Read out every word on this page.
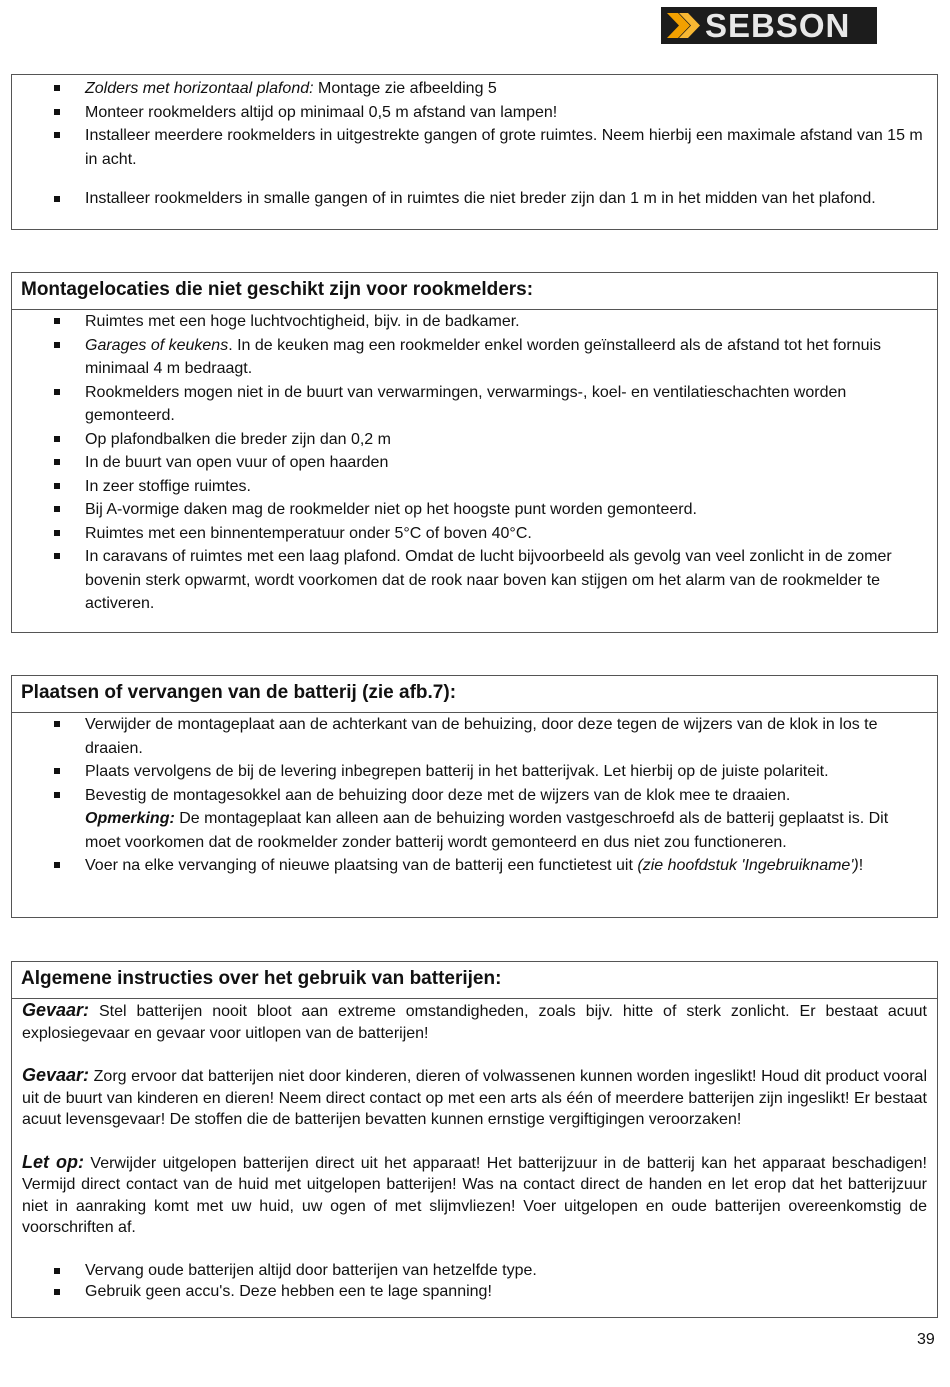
SEBSON
Zolders met horizontaal plafond: Montage zie afbeelding 5
Monteer rookmelders altijd op minimaal 0,5 m afstand van lampen!
Installeer meerdere rookmelders in uitgestrekte gangen of grote ruimtes. Neem hierbij een maximale afstand van 15 m in acht.
Installeer rookmelders in smalle gangen of in ruimtes die niet breder zijn dan 1 m in het midden van het plafond.
Montagelocaties die niet geschikt zijn voor rookmelders:
Ruimtes met een hoge luchtvochtigheid, bijv. in de badkamer.
Garages of keukens. In de keuken mag een rookmelder enkel worden geïnstalleerd als de afstand tot het fornuis minimaal 4 m bedraagt.
Rookmelders mogen niet in de buurt van verwarmingen, verwarmings-, koel- en ventilatieschachten worden gemonteerd.
Op plafondbalken die breder zijn dan 0,2 m
In de buurt van open vuur of open haarden
In zeer stoffige ruimtes.
Bij A-vormige daken mag de rookmelder niet op het hoogste punt worden gemonteerd.
Ruimtes met een binnentemperatuur onder 5°C of boven 40°C.
In caravans of ruimtes met een laag plafond. Omdat de lucht bijvoorbeeld als gevolg van veel zonlicht in de zomer bovenin sterk opwarmt, wordt voorkomen dat de rook naar boven kan stijgen om het alarm van de rookmelder te activeren.
Plaatsen of vervangen van de batterij (zie afb.7):
Verwijder de montageplaat aan de achterkant van de behuizing, door deze tegen de wijzers van de klok in los te draaien.
Plaats vervolgens de bij de levering inbegrepen batterij in het batterijvak. Let hierbij op de juiste polariteit.
Bevestig de montagesokkel aan de behuizing door deze met de wijzers van de klok mee te draaien.
Opmerking: De montageplaat kan alleen aan de behuizing worden vastgeschroefd als de batterij geplaatst is. Dit moet voorkomen dat de rookmelder zonder batterij wordt gemonteerd en dus niet zou functioneren.
Voer na elke vervanging of nieuwe plaatsing van de batterij een functietest uit (zie hoofdstuk 'Ingebruikname')!
Algemene instructies over het gebruik van batterijen:
Gevaar: Stel batterijen nooit bloot aan extreme omstandigheden, zoals bijv. hitte of sterk zonlicht. Er bestaat acuut explosiegevaar en gevaar voor uitlopen van de batterijen!
Gevaar: Zorg ervoor dat batterijen niet door kinderen, dieren of volwassenen kunnen worden ingeslikt! Houd dit product vooral uit de buurt van kinderen en dieren! Neem direct contact op met een arts als één of meerdere batterijen zijn ingeslikt! Er bestaat acuut levensgevaar! De stoffen die de batterijen bevatten kunnen ernstige vergiftigingen veroorzaken!
Let op: Verwijder uitgelopen batterijen direct uit het apparaat! Het batterijzuur in de batterij kan het apparaat beschadigen! Vermijd direct contact van de huid met uitgelopen batterijen! Was na contact direct de handen en let erop dat het batterijzuur niet in aanraking komt met uw huid, uw ogen of met slijmvliezen! Voer uitgelopen en oude batterijen overeenkomstig de voorschriften af.
Vervang oude batterijen altijd door batterijen van hetzelfde type.
Gebruik geen accu's. Deze hebben een te lage spanning!
39
